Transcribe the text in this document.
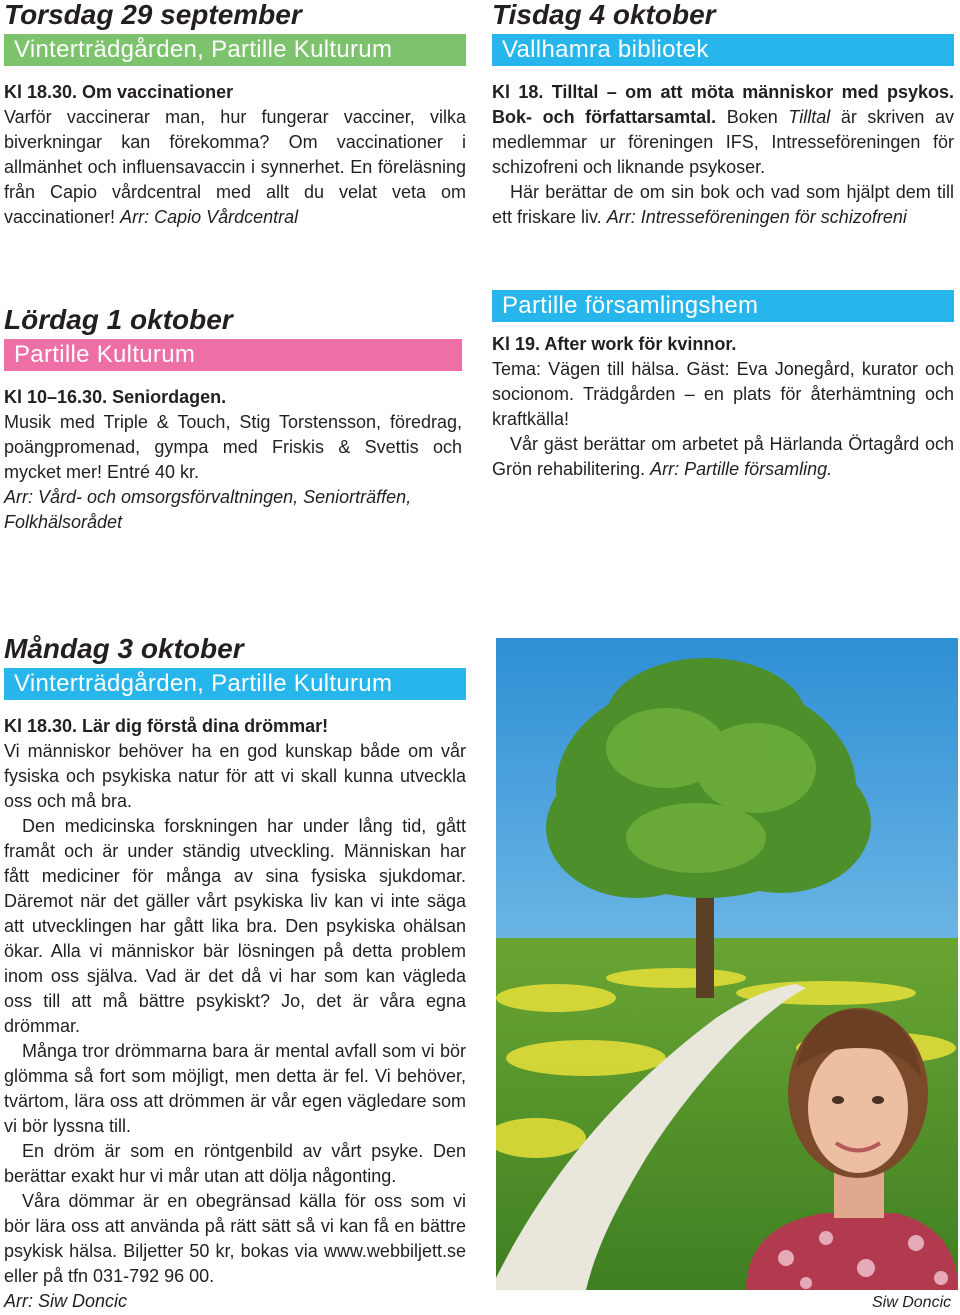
Torsdag 29 september
Vinterträdgården, Partille Kulturum

Kl 18.30. Om vaccinationer

Varför vaccinerar man, hur fungerar vacciner, vilka biverkningar kan förekomma? Om vaccinationer i allmänhet och influensavaccin i synnerhet. En föreläsning från Capio vårdcentral med allt du velat veta om vaccinationer! Arr: Capio Vårdcentral

Lördag 1 oktober
Partille Kulturum

Kl 10–16.30. Seniordagen.

Musik med Triple & Touch, Stig Torstensson, föredrag, poängpromenad, gympa med Friskis & Svettis och mycket mer! Entré 40 kr.

Arr: Vård- och omsorgsförvaltningen, Seniorträffen, Folkhälsorådet

Måndag 3 oktober
Vinterträdgården, Partille Kulturum

Kl 18.30. Lär dig förstå dina drömmar!

Vi människor behöver ha en god kunskap både om vår fysiska och psykiska natur för att vi skall kunna utveckla oss och må bra.

Den medicinska forskningen har under lång tid, gått framåt och är under ständig utveckling. Människan har fått mediciner för många av sina fysiska sjukdomar. Däremot när det gäller vårt psykiska liv kan vi inte säga att utvecklingen har gått lika bra. Den psykiska ohälsan ökar. Alla vi människor bär lösningen på detta problem inom oss själva. Vad är det då vi har som kan vägleda oss till att må bättre psykiskt? Jo, det är våra egna drömmar.

Många tror drömmarna bara är mental avfall som vi bör glömma så fort som möjligt, men detta är fel. Vi behöver, tvärtom, lära oss att drömmen är vår egen vägledare som vi bör lyssna till.

En dröm är som en röntgenbild av vårt psyke. Den berättar exakt hur vi mår utan att dölja någonting.

Våra dömmar är en obegränsad källa för oss som vi bör lära oss att använda på rätt sätt så vi kan få en bättre psykisk hälsa. Biljetter 50 kr, bokas via www.webbiljett.se eller på tfn 031-792 96 00.

Arr: Siw Doncic

Tisdag 4 oktober
Vallhamra bibliotek

Kl 18. Tilltal – om att möta människor med psykos. Bok- och författarsamtal. Boken Tilltal är skriven av medlemmar ur föreningen IFS, Intresseföreningen för schizofreni och liknande psykoser.

Här berättar de om sin bok och vad som hjälpt dem till ett friskare liv. Arr: Intresseföreningen för schizofreni

Partille församlingshem

Kl 19. After work för kvinnor.

Tema: Vägen till hälsa. Gäst: Eva Jonegård, kurator och socionom. Trädgården – en plats för återhämtning och kraftkälla!

Vår gäst berättar om arbetet på Härlanda Örtagård och Grön rehabilitering. Arr: Partille församling.

Siw Doncic
